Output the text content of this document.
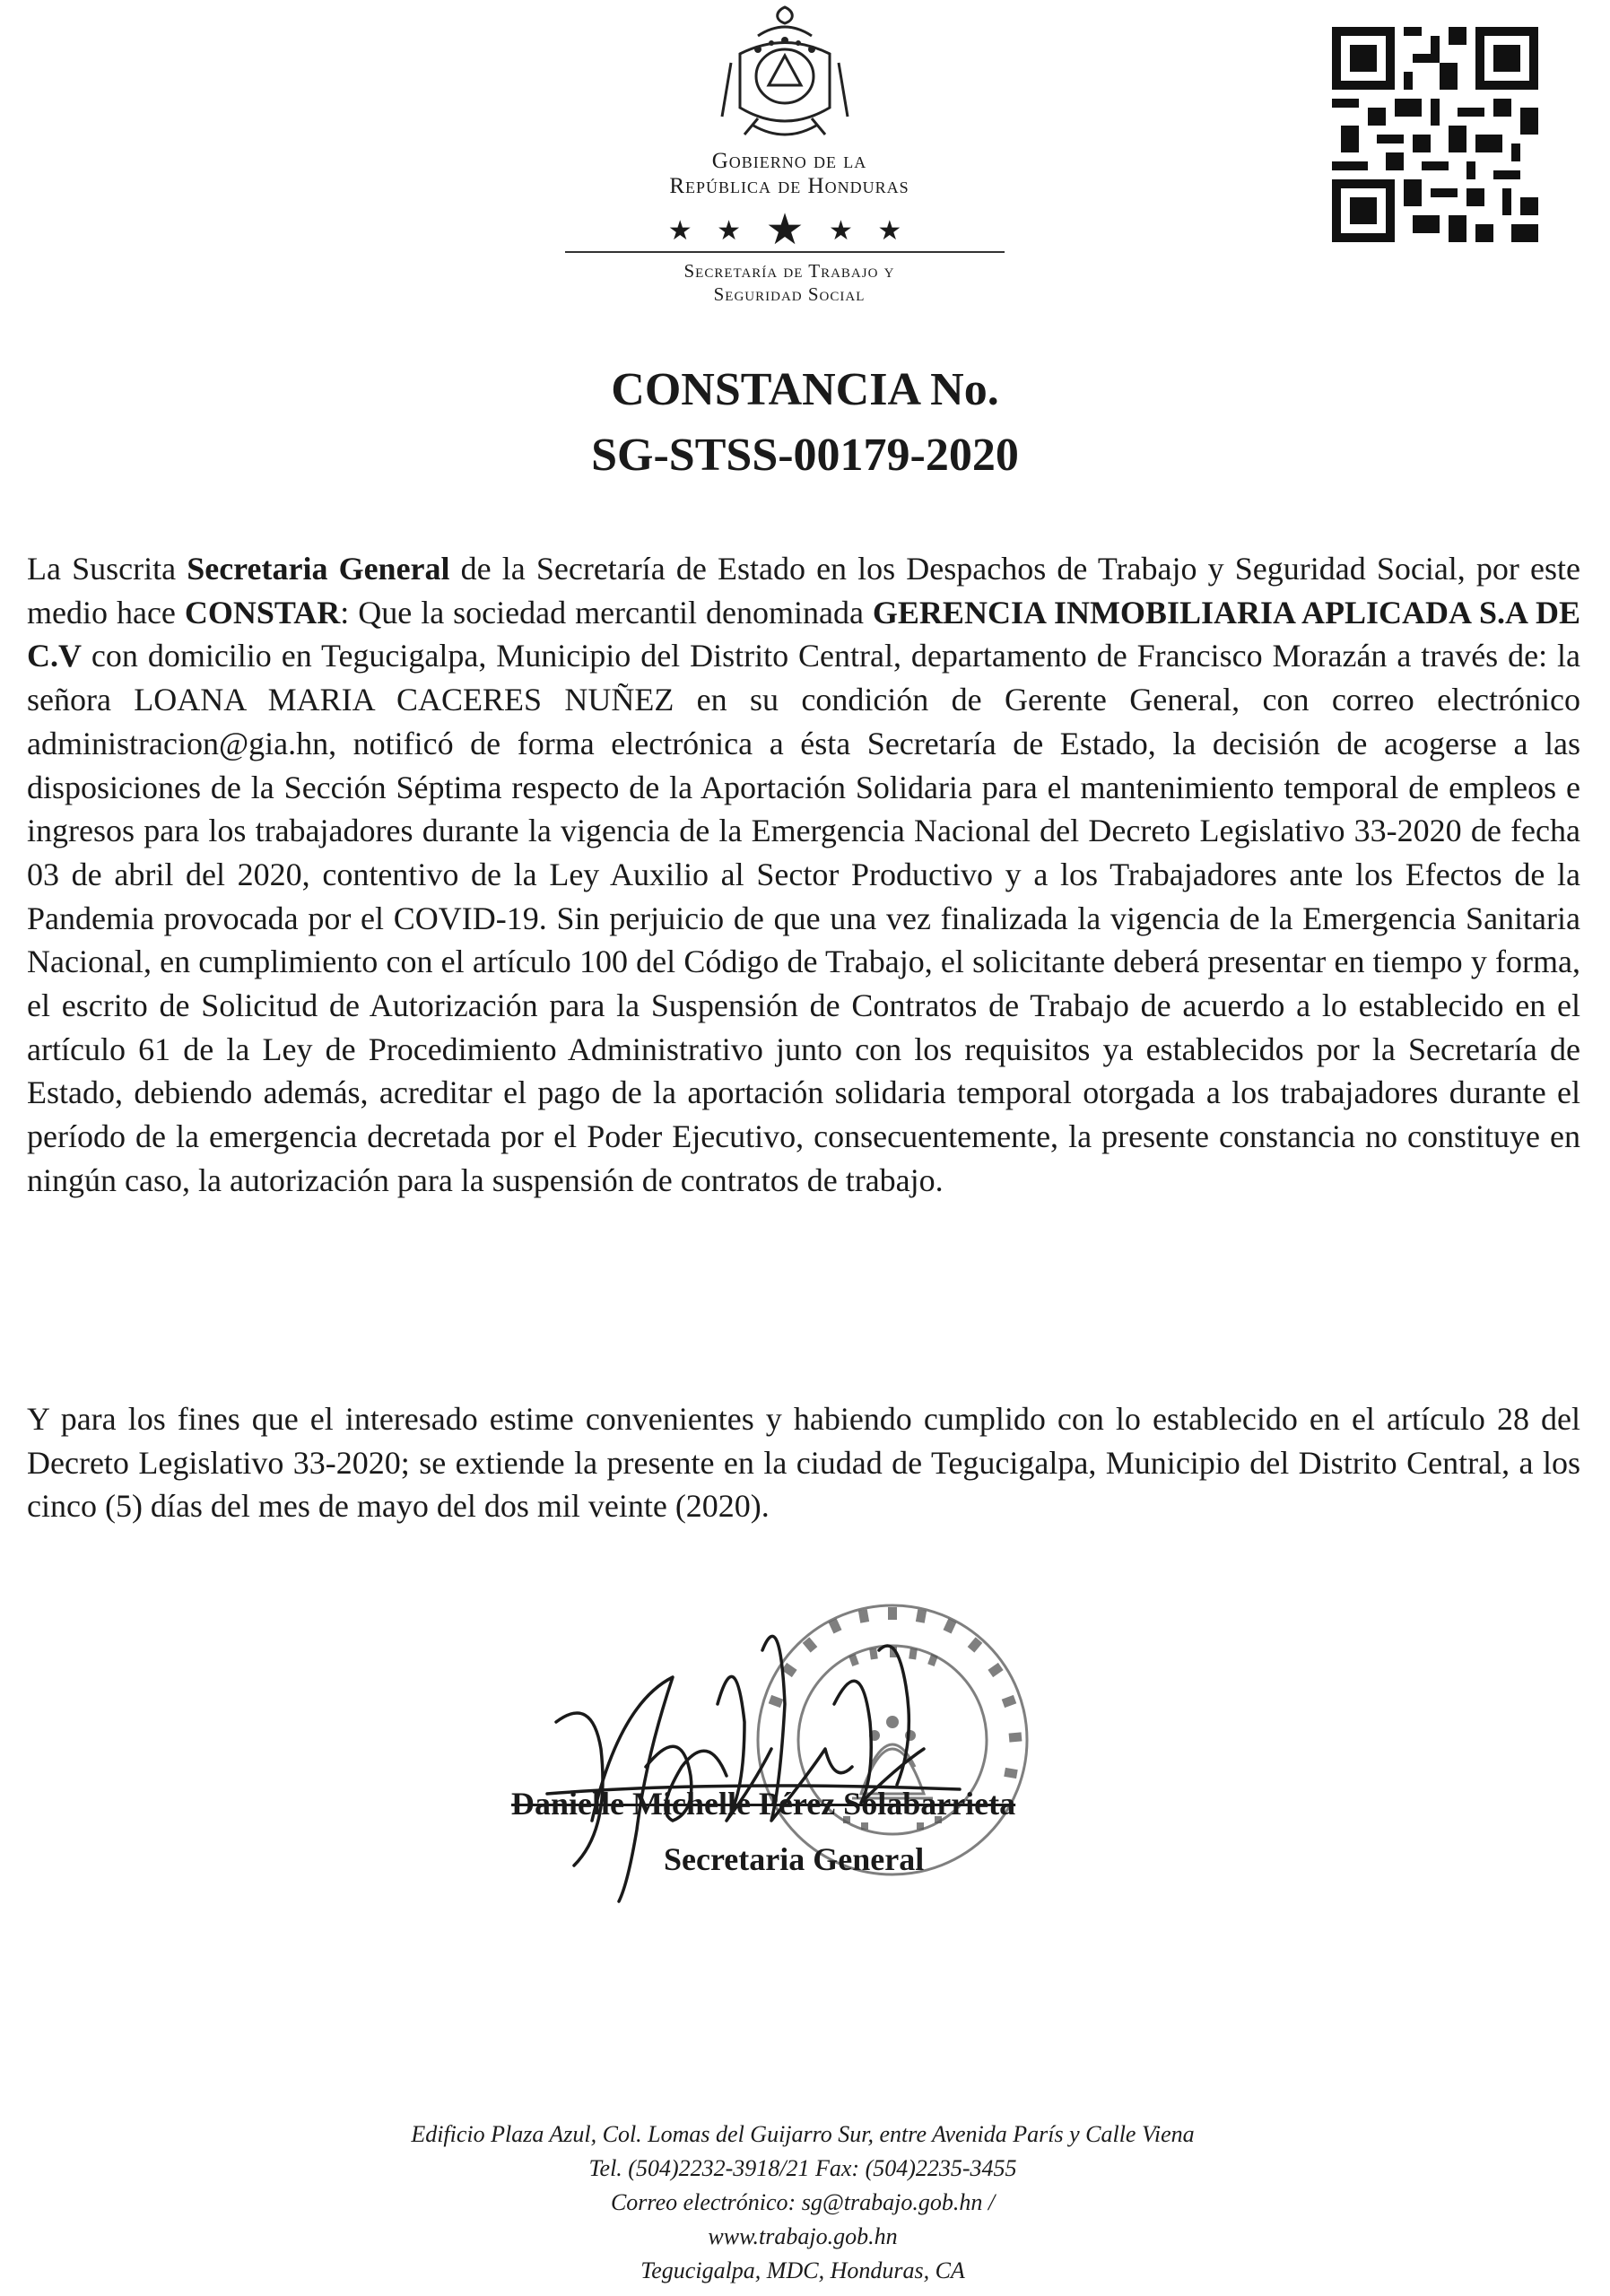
Gobierno de la
República de Honduras
★ ★ ★ ★ ★
Secretaría de Trabajo y
Seguridad Social
CONSTANCIA No.
SG-STSS-00179-2020
La Suscrita Secretaria General de la Secretaría de Estado en los Despachos de Trabajo y Seguridad Social, por este medio hace CONSTAR: Que la sociedad mercantil denominada GERENCIA INMOBILIARIA APLICADA S.A DE C.V con domicilio en Tegucigalpa, Municipio del Distrito Central, departamento de Francisco Morazán a través de: la señora LOANA MARIA CACERES NUÑEZ en su condición de Gerente General, con correo electrónico administracion@gia.hn, notificó de forma electrónica a ésta Secretaría de Estado, la decisión de acogerse a las disposiciones de la Sección Séptima respecto de la Aportación Solidaria para el mantenimiento temporal de empleos e ingresos para los trabajadores durante la vigencia de la Emergencia Nacional del Decreto Legislativo 33-2020 de fecha 03 de abril del 2020, contentivo de la Ley Auxilio al Sector Productivo y a los Trabajadores ante los Efectos de la Pandemia provocada por el COVID-19. Sin perjuicio de que una vez finalizada la vigencia de la Emergencia Sanitaria Nacional, en cumplimiento con el artículo 100 del Código de Trabajo, el solicitante deberá presentar en tiempo y forma, el escrito de Solicitud de Autorización para la Suspensión de Contratos de Trabajo de acuerdo a lo establecido en el artículo 61 de la Ley de Procedimiento Administrativo junto con los requisitos ya establecidos por la Secretaría de Estado, debiendo además, acreditar el pago de la aportación solidaria temporal otorgada a los trabajadores durante el período de la emergencia decretada por el Poder Ejecutivo, consecuentemente, la presente constancia no constituye en ningún caso, la autorización para la suspensión de contratos de trabajo.
Y para los fines que el interesado estime convenientes y habiendo cumplido con lo establecido en el artículo 28 del Decreto Legislativo 33-2020; se extiende la presente en la ciudad de Tegucigalpa, Municipio del Distrito Central, a los cinco (5) días del mes de mayo del dos mil veinte (2020).
Danielle Michelle Pérez Solabarrieta
Secretaria General
Edificio Plaza Azul, Col. Lomas del Guijarro Sur, entre Avenida París y Calle Viena
Tel. (504)2232-3918/21 Fax: (504)2235-3455
Correo electrónico: sg@trabajo.gob.hn /
www.trabajo.gob.hn
Tegucigalpa, MDC, Honduras, CA
